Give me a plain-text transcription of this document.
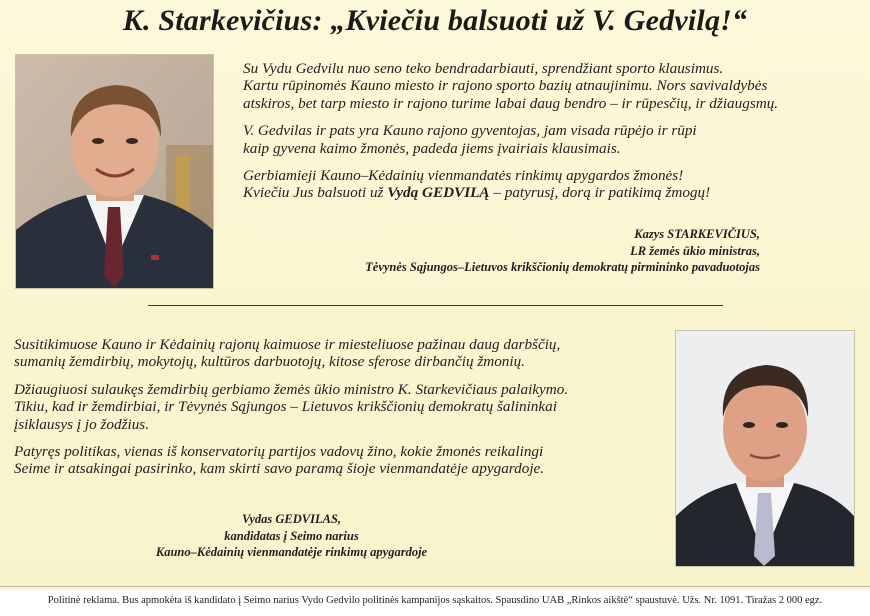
K. Starkevičius: „Kviečiu balsuoti už V. Gedvilą!“

Su Vydu Gedvilu nuo seno teko bendradarbiauti, sprendžiant sporto klausimus.
Kartu rūpinomės Kauno miesto ir rajono sporto bazių atnaujinimu. Nors savivaldybės
atskiros, bet tarp miesto ir rajono turime labai daug bendro – ir rūpesčių, ir džiaugsmų.

V. Gedvilas ir pats yra Kauno rajono gyventojas, jam visada rūpėjo ir rūpi
kaip gyvena kaimo žmonės, padeda jiems įvairiais klausimais.

Gerbiamieji Kauno–Kėdainių vienmandatės rinkimų apygardos žmonės!
Kviečiu Jus balsuoti už Vydą GEDVILĄ – patyrusį, dorą ir patikimą žmogų!

Kazys STARKEVIČIUS,
LR žemės ūkio ministras,
Tėvynės Sąjungos–Lietuvos krikščionių demokratų pirmininko pavaduotojas

Susitikimuose Kauno ir Kėdainių rajonų kaimuose ir miesteliuose pažinau daug darbščių,
sumanių žemdirbių, mokytojų, kultūros darbuotojų, kitose sferose dirbančių žmonių.

Džiaugiuosi sulaukęs žemdirbių gerbiamo žemės ūkio ministro K. Starkevičiaus palaikymo.
Tikiu, kad ir žemdirbiai, ir Tėvynės Sąjungos – Lietuvos krikščionių demokratų šalininkai
įsiklausys į jo žodžius.

Patyręs politikas, vienas iš konservatorių partijos vadovų žino, kokie žmonės reikalingi
Seime ir atsakingai pasirinko, kam skirti savo paramą šioje vienmandatėje apygardoje.

Vydas GEDVILAS,
kandidatas į Seimo narius
Kauno–Kėdainių vienmandatėje rinkimų apygardoje
Politinė reklama. Bus apmokėta iš kandidato į Seimo narius Vydo Gedvilo politinės kampanijos sąskaitos. Spausdino UAB „Rinkos aikštė“ spaustuvė. Užs. Nr. 1091. Tiražas 2 000 egz.
